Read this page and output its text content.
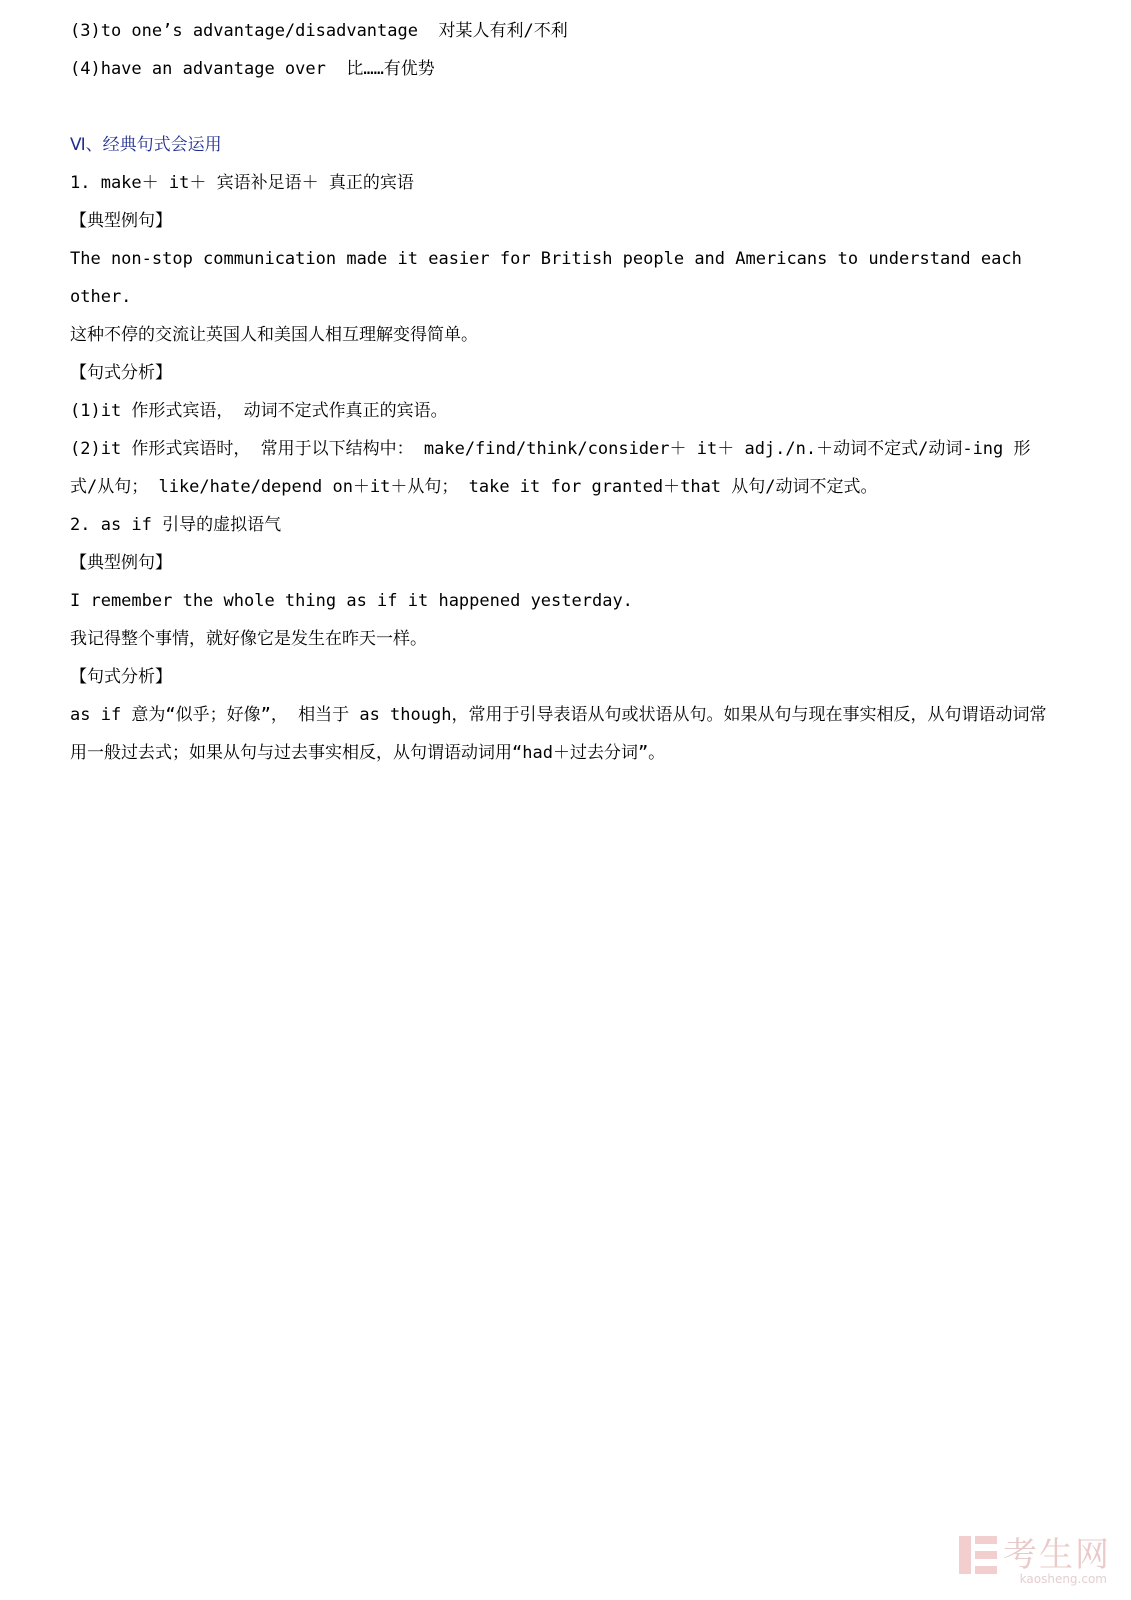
(3)to one’s advantage/disadvantage  对某人有利/不利

(4)have an advantage over  比……有优势

Ⅵ、经典句式会运用

1. make＋ it＋ 宾语补足语＋ 真正的宾语

【典型例句】

The non-stop communication made it easier for British people and Americans to understand each other.

这种不停的交流让英国人和美国人相互理解变得简单。

【句式分析】

(1)it 作形式宾语， 动词不定式作真正的宾语。

(2)it 作形式宾语时， 常用于以下结构中： make/find/think/consider＋ it＋ adj./n.＋动词不定式/动词-ing 形式/从句； like/hate/depend on＋it＋从句； take it for granted＋that 从句/动词不定式。

2. as if 引导的虚拟语气

【典型例句】

I remember the whole thing as if it happened yesterday.

我记得整个事情，就好像它是发生在昨天一样。

【句式分析】

as if 意为“似乎；好像”， 相当于 as though，常用于引导表语从句或状语从句。如果从句与现在事实相反，从句谓语动词常用一般过去式；如果从句与过去事实相反，从句谓语动词用“had＋过去分词”。

考生网
kaosheng.com
